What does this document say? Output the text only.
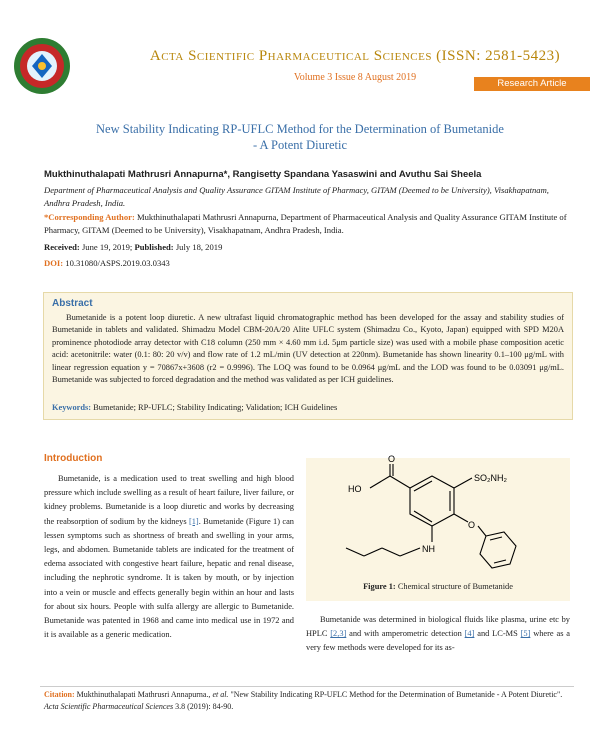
Acta Scientific Pharmaceutical Sciences (ISSN: 2581-5423)
Volume 3 Issue 8 August 2019
Research Article
New Stability Indicating RP-UFLC Method for the Determination of Bumetanide
- A Potent Diuretic
Mukthinuthalapati Mathrusri Annapurna*, Rangisetty Spandana Yasaswini and Avuthu Sai Sheela
Department of Pharmaceutical Analysis and Quality Assurance GITAM Institute of Pharmacy, GITAM (Deemed to be University), Visakhapatnam, Andhra Pradesh, India.
*Corresponding Author: Mukthinuthalapati Mathrusri Annapurna, Department of Pharmaceutical Analysis and Quality Assurance GITAM Institute of Pharmacy, GITAM (Deemed to be University), Visakhapatnam, Andhra Pradesh, India.
Received: June 19, 2019; Published: July 18, 2019
DOI: 10.31080/ASPS.2019.03.0343
Abstract
Bumetanide is a potent loop diuretic. A new ultrafast liquid chromatographic method has been developed for the assay and stability studies of Bumetanide in tablets and validated. Shimadzu Model CBM-20A/20 Alite UFLC system (Shimadzu Co., Kyoto, Japan) equipped with SPD M20A prominence photodiode array detector with C18 column (250 mm × 4.60 mm i.d. 5μm particle size) was used with a mobile phase composition acetic acid: acetonitrile: water (0.1: 80: 20 v/v) and flow rate of 1.2 mL/min (UV detection at 220nm). Bumetanide has shown linearity 0.1–100 μg/mL with linear regression equation y = 70867x+3608 (r2 = 0.9996). The LOQ was found to be 0.0964 μg/mL and the LOD was found to be 0.03091 μg/mL. Bumetanide was subjected to forced degradation and the method was validated as per ICH guidelines.
Keywords: Bumetanide; RP-UFLC; Stability Indicating; Validation; ICH Guidelines
Introduction
Bumetanide, is a medication used to treat swelling and high blood pressure which include swelling as a result of heart failure, liver failure, or kidney problems. Bumetanide is a loop diuretic and works by decreasing the reabsorption of sodium by the kidneys [1]. Bumetanide (Figure 1) can lessen symptoms such as shortness of breath and swelling in your arms, legs, and abdomen. Bumetanide tablets are indicated for the treatment of edema associated with congestive heart failure, hepatic and renal disease, including the nephrotic syndrome. It is taken by mouth, or by injection into a vein or muscle and effects generally begin within an hour and lasts for about six hours. People with sulfa allergy are allergic to Bumetanide. Bumetanide was patented in 1968 and came into medical use in 1972 and it is available as a generic medication.
HO
O
SO₂NH₂
O
NH
Figure 1: Chemical structure of Bumetanide
Bumetanide was determined in biological fluids like plasma, urine etc by HPLC [2,3] and with amperometric detection [4] and LC-MS [5] where as a very few methods were developed for its as-
Citation: Mukthinuthalapati Mathrusri Annapurna., et al. "New Stability Indicating RP-UFLC Method for the Determination of Bumetanide - A Potent Diuretic". Acta Scientific Pharmaceutical Sciences 3.8 (2019): 84-90.
